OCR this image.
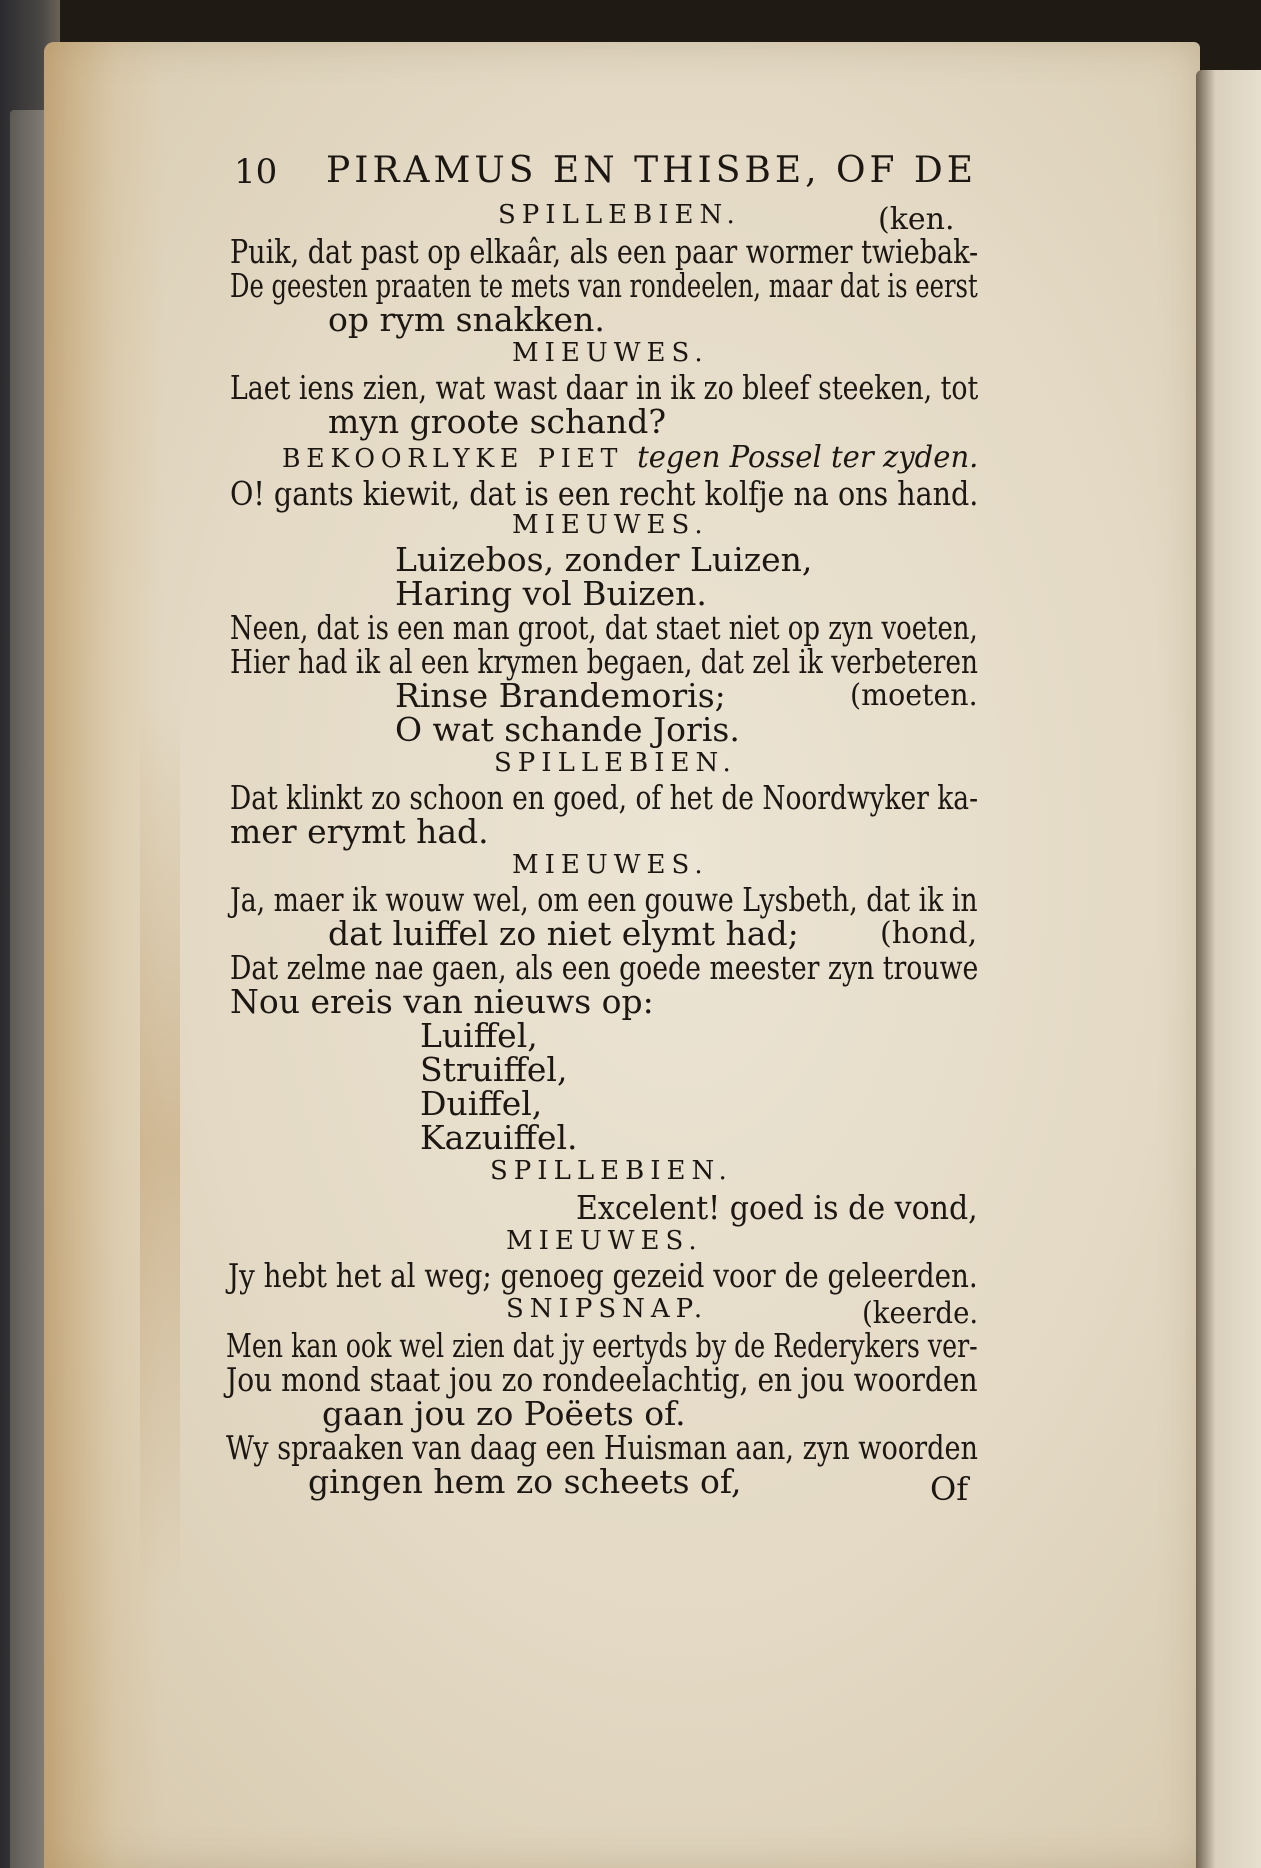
10 PIRAMUS EN THISBE, OF DE
SPILLEBIEN.	(ken.
Puik, dat past op elkaâr, als een paar wormer twiebak-
De geesten praaten te mets van rondeelen, maar dat is eerst
op rym snakken.
MIEUWES.
Laet iens zien, wat wast daar in ik zo bleef steeken, tot
myn groote schand?
BEKOORLYKE PIET tegen Possel ter zyden.
O! gants kiewit, dat is een recht kolfje na ons hand.
MIEUWES.
Luizebos, zonder Luizen,
Haring vol Buizen.
Neen, dat is een man groot, dat staet niet op zyn voeten,
Hier had ik al een krymen begaen, dat zel ik verbeteren
Rinse Brandemoris;	(moeten.
O wat schande Joris.
SPILLEBIEN.
Dat klinkt zo schoon en goed, of het de Noordwyker ka-
mer erymt had.
MIEUWES.
Ja, maer ik wouw wel, om een gouwe Lysbeth, dat ik in
dat luiffel zo niet elymt had;	(hond,
Dat zelme nae gaen, als een goede meester zyn trouwe
Nou ereis van nieuws op:
Luiffel,
Struiffel,
Duiffel,
Kazuiffel.
SPILLEBIEN.
Excelent! goed is de vond,
MIEUWES.
Jy hebt het al weg; genoeg gezeid voor de geleerden.
SNIPSNAP.	(keerde.
Men kan ook wel zien dat jy eertyds by de Rederykers ver-
Jou mond staat jou zo rondeelachtig, en jou woorden
gaan jou zo Poëets of.
Wy spraaken van daag een Huisman aan, zyn woorden
gingen hem zo scheets of,	Of
